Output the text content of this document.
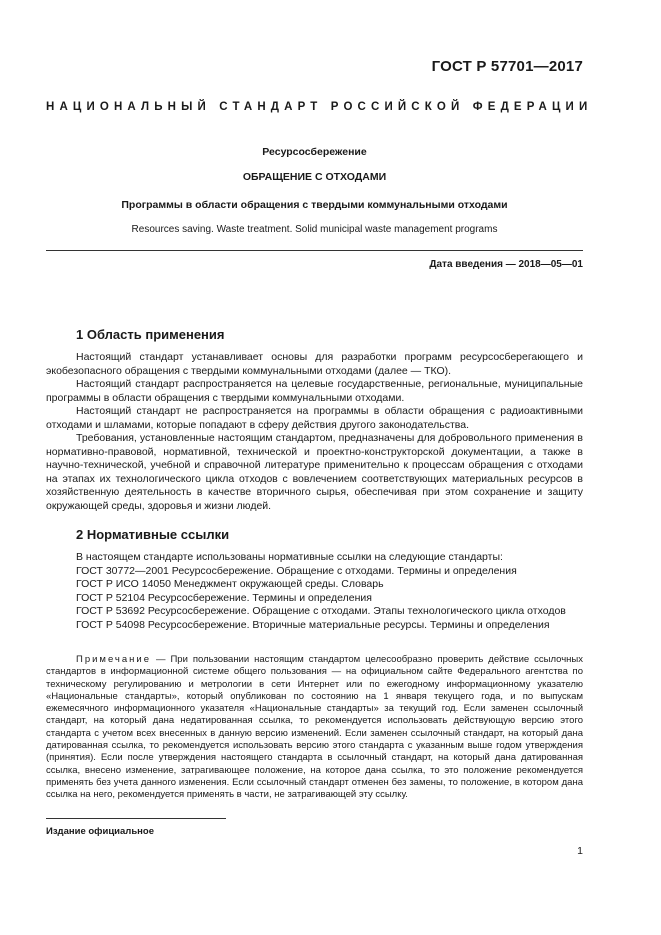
ГОСТ Р 57701—2017
НАЦИОНАЛЬНЫЙ СТАНДАРТ РОССИЙСКОЙ ФЕДЕРАЦИИ
Ресурсосбережение
ОБРАЩЕНИЕ С ОТХОДАМИ
Программы в области обращения с твердыми коммунальными отходами
Resources saving. Waste treatment. Solid municipal waste management programs
Дата введения — 2018—05—01
1 Область применения

Настоящий стандарт устанавливает основы для разработки программ ресурсосберегающего и экобезопасного обращения с твердыми коммунальными отходами (далее — ТКО).

Настоящий стандарт распространяется на целевые государственные, региональные, муниципальные программы в области обращения с твердыми коммунальными отходами.

Настоящий стандарт не распространяется на программы в области обращения с радиоактивными отходами и шламами, которые попадают в сферу действия другого законодательства.

Требования, установленные настоящим стандартом, предназначены для добровольного применения в нормативно-правовой, нормативной, технической и проектно-конструкторской документации, а также в научно-технической, учебной и справочной литературе применительно к процессам обращения с отходами на этапах их технологического цикла отходов с вовлечением соответствующих материальных ресурсов в хозяйственную деятельность в качестве вторичного сырья, обеспечивая при этом сохранение и защиту окружающей среды, здоровья и жизни людей.

2 Нормативные ссылки

В настоящем стандарте использованы нормативные ссылки на следующие стандарты:

ГОСТ 30772—2001 Ресурсосбережение. Обращение с отходами. Термины и определения

ГОСТ Р ИСО 14050 Менеджмент окружающей среды. Словарь

ГОСТ Р 52104 Ресурсосбережение. Термины и определения

ГОСТ Р 53692 Ресурсосбережение. Обращение с отходами. Этапы технологического цикла отходов

ГОСТ Р 54098 Ресурсосбережение. Вторичные материальные ресурсы. Термины и определения

Примечание — При пользовании настоящим стандартом целесообразно проверить действие ссылочных стандартов в информационной системе общего пользования — на официальном сайте Федерального агентства по техническому регулированию и метрологии в сети Интернет или по ежегодному информационному указателю «Национальные стандарты», который опубликован по состоянию на 1 января текущего года, и по выпускам ежемесячного информационного указателя «Национальные стандарты» за текущий год. Если заменен ссылочный стандарт, на который дана недатированная ссылка, то рекомендуется использовать действующую версию этого стандарта с учетом всех внесенных в данную версию изменений. Если заменен ссылочный стандарт, на который дана датированная ссылка, то рекомендуется использовать версию этого стандарта с указанным выше годом утверждения (принятия). Если после утверждения настоящего стандарта в ссылочный стандарт, на который дана датированная ссылка, внесено изменение, затрагивающее положение, на которое дана ссылка, то это положение рекомендуется применять без учета данного изменения. Если ссылочный стандарт отменен без замены, то положение, в котором дана ссылка на него, рекомендуется применять в части, не затрагивающей эту ссылку.

Издание официальное
1
